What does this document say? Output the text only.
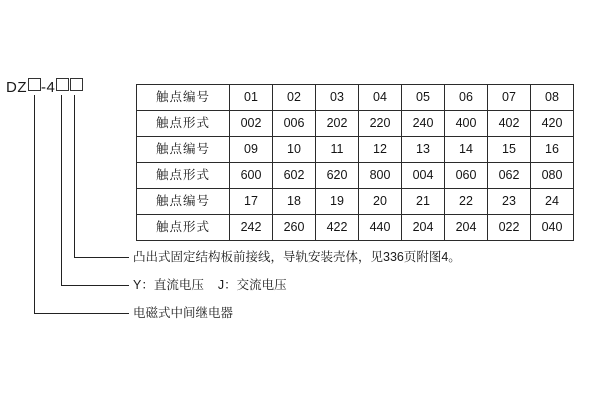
DZ -4
凸出式固定结构板前接线，导轨安装壳体，见336页附图4。
Y：直流电压 J：交流电压
电磁式中间继电器
触点编号	01	02	03	04	05	06	07	08
触点形式	002	006	202	220	240	400	402	420
触点编号	09	10	11	12	13	14	15	16
触点形式	600	602	620	800	004	060	062	080
触点编号	17	18	19	20	21	22	23	24
触点形式	242	260	422	440	204	204	022	040
